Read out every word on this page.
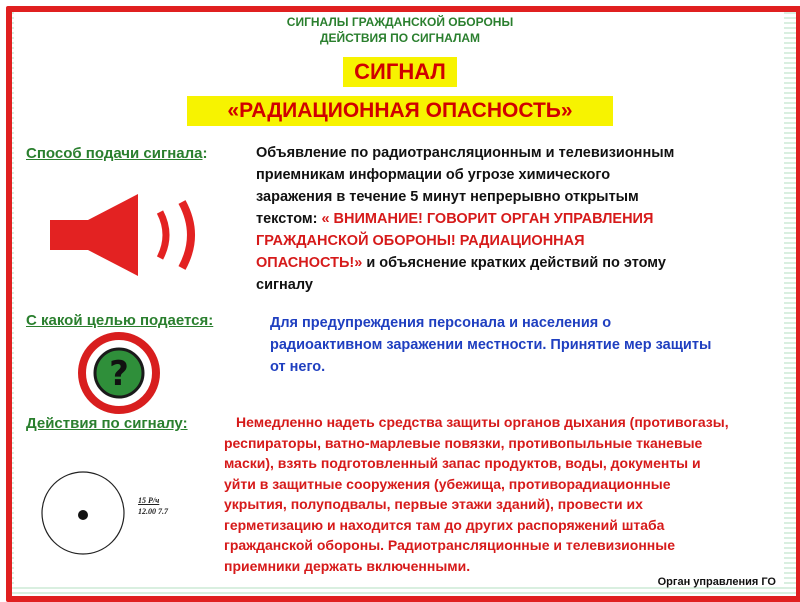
СИГНАЛЫ ГРАЖДАНСКОЙ ОБОРОНЫ
ДЕЙСТВИЯ ПО СИГНАЛАМ
СИГНАЛ
«РАДИАЦИОННАЯ ОПАСНОСТЬ»
Способ подачи сигнала:	Объявление по радиотрансляционным и телевизионным
приемникам информации об угрозе химического
заражения в течение 5 минут непрерывно открытым
текстом: « ВНИМАНИЕ! ГОВОРИТ ОРГАН УПРАВЛЕНИЯ
ГРАЖДАНСКОЙ ОБОРОНЫ! РАДИАЦИОННАЯ
ОПАСНОСТЬ!» и объяснение кратких действий по этому
сигналу
С какой целью подается:	Для предупреждения персонала и населения о
радиоактивном заражении местности. Принятие мер защиты
от него.
?
Действия по сигналу:	Немедленно надеть средства защиты органов дыхания (противогазы,
респираторы, ватно-марлевые повязки, противопыльные тканевые
маски), взять подготовленный запас продуктов, воды, документы и
уйти в защитные сооружения (убежища, противорадиационные
укрытия, полуподвалы, первые этажи зданий), провести их
герметизацию и находится там до других распоряжений штаба
гражданской обороны. Радиотрансляционные и телевизионные
приемники держать включенными.
15 Р/ч
12.00 7.7
Орган управления ГО
